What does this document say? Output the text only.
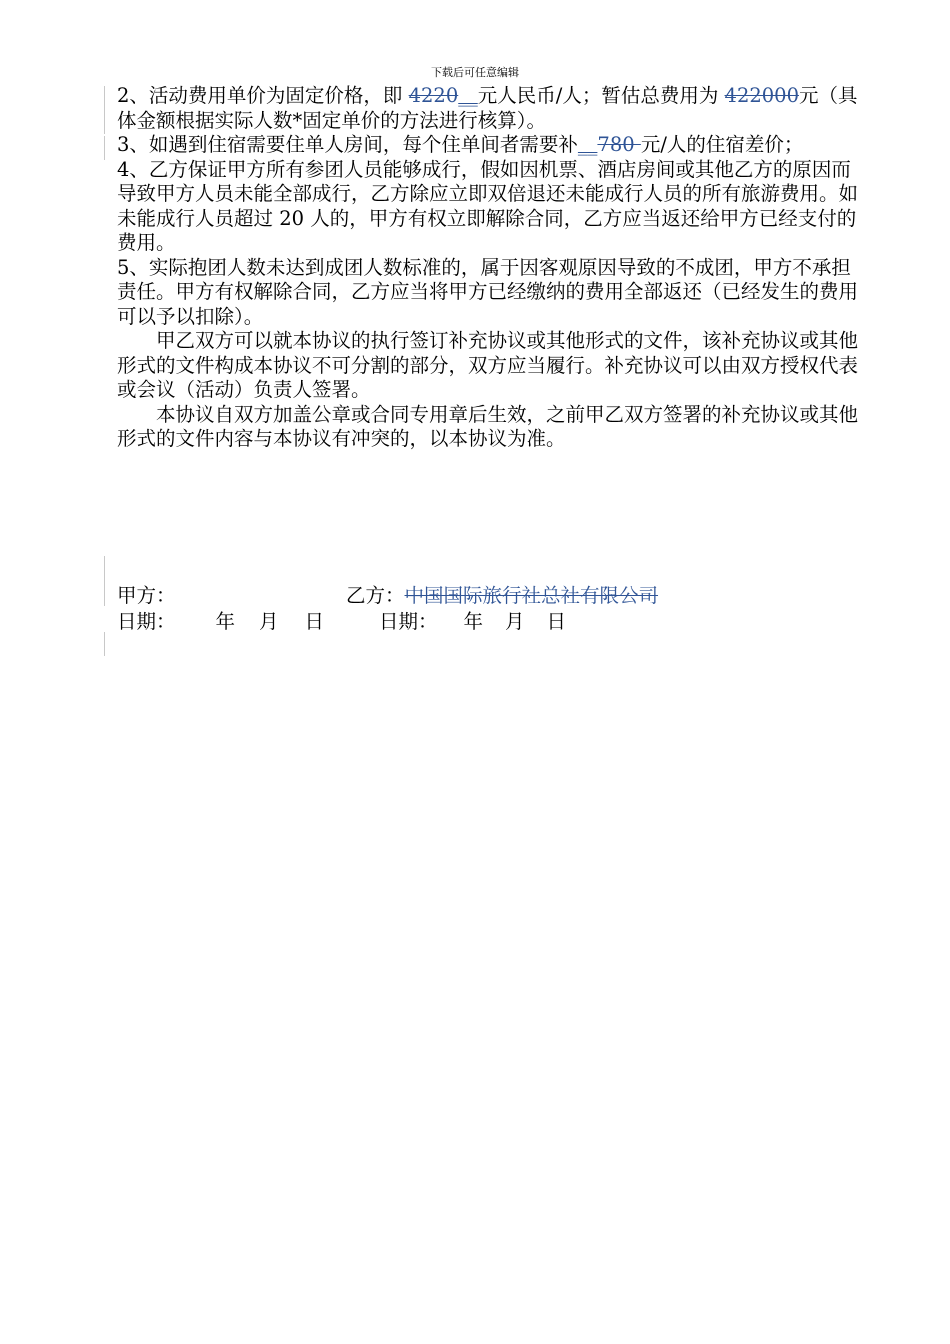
下载后可任意编辑

2、活动费用单价为固定价格，即 4220__元人民币/人；暂估总费用为 422000元（具体金额根据实际人数*固定单价的方法进行核算）。

3、如遇到住宿需要住单人房间，每个住单间者需要补__780 元/人的住宿差价；

4、乙方保证甲方所有参团人员能够成行，假如因机票、酒店房间或其他乙方的原因而导致甲方人员未能全部成行，乙方除应立即双倍退还未能成行人员的所有旅游费用。如未能成行人员超过 20 人的，甲方有权立即解除合同，乙方应当返还给甲方已经支付的费用。

5、实际抱团人数未达到成团人数标准的，属于因客观原因导致的不成团，甲方不承担责任。甲方有权解除合同，乙方应当将甲方已经缴纳的费用全部返还（已经发生的费用可以予以扣除）。

甲乙双方可以就本协议的执行签订补充协议或其他形式的文件，该补充协议或其他形式的文件构成本协议不可分割的部分，双方应当履行。补充协议可以由双方授权代表或会议（活动）负责人签署。

本协议自双方加盖公章或合同专用章后生效，之前甲乙双方签署的补充协议或其他形式的文件内容与本协议有冲突的，以本协议为准。

甲方：	乙方：中国国际旅行社总社有限公司
日期： 年 月 日	日期： 年 月 日
